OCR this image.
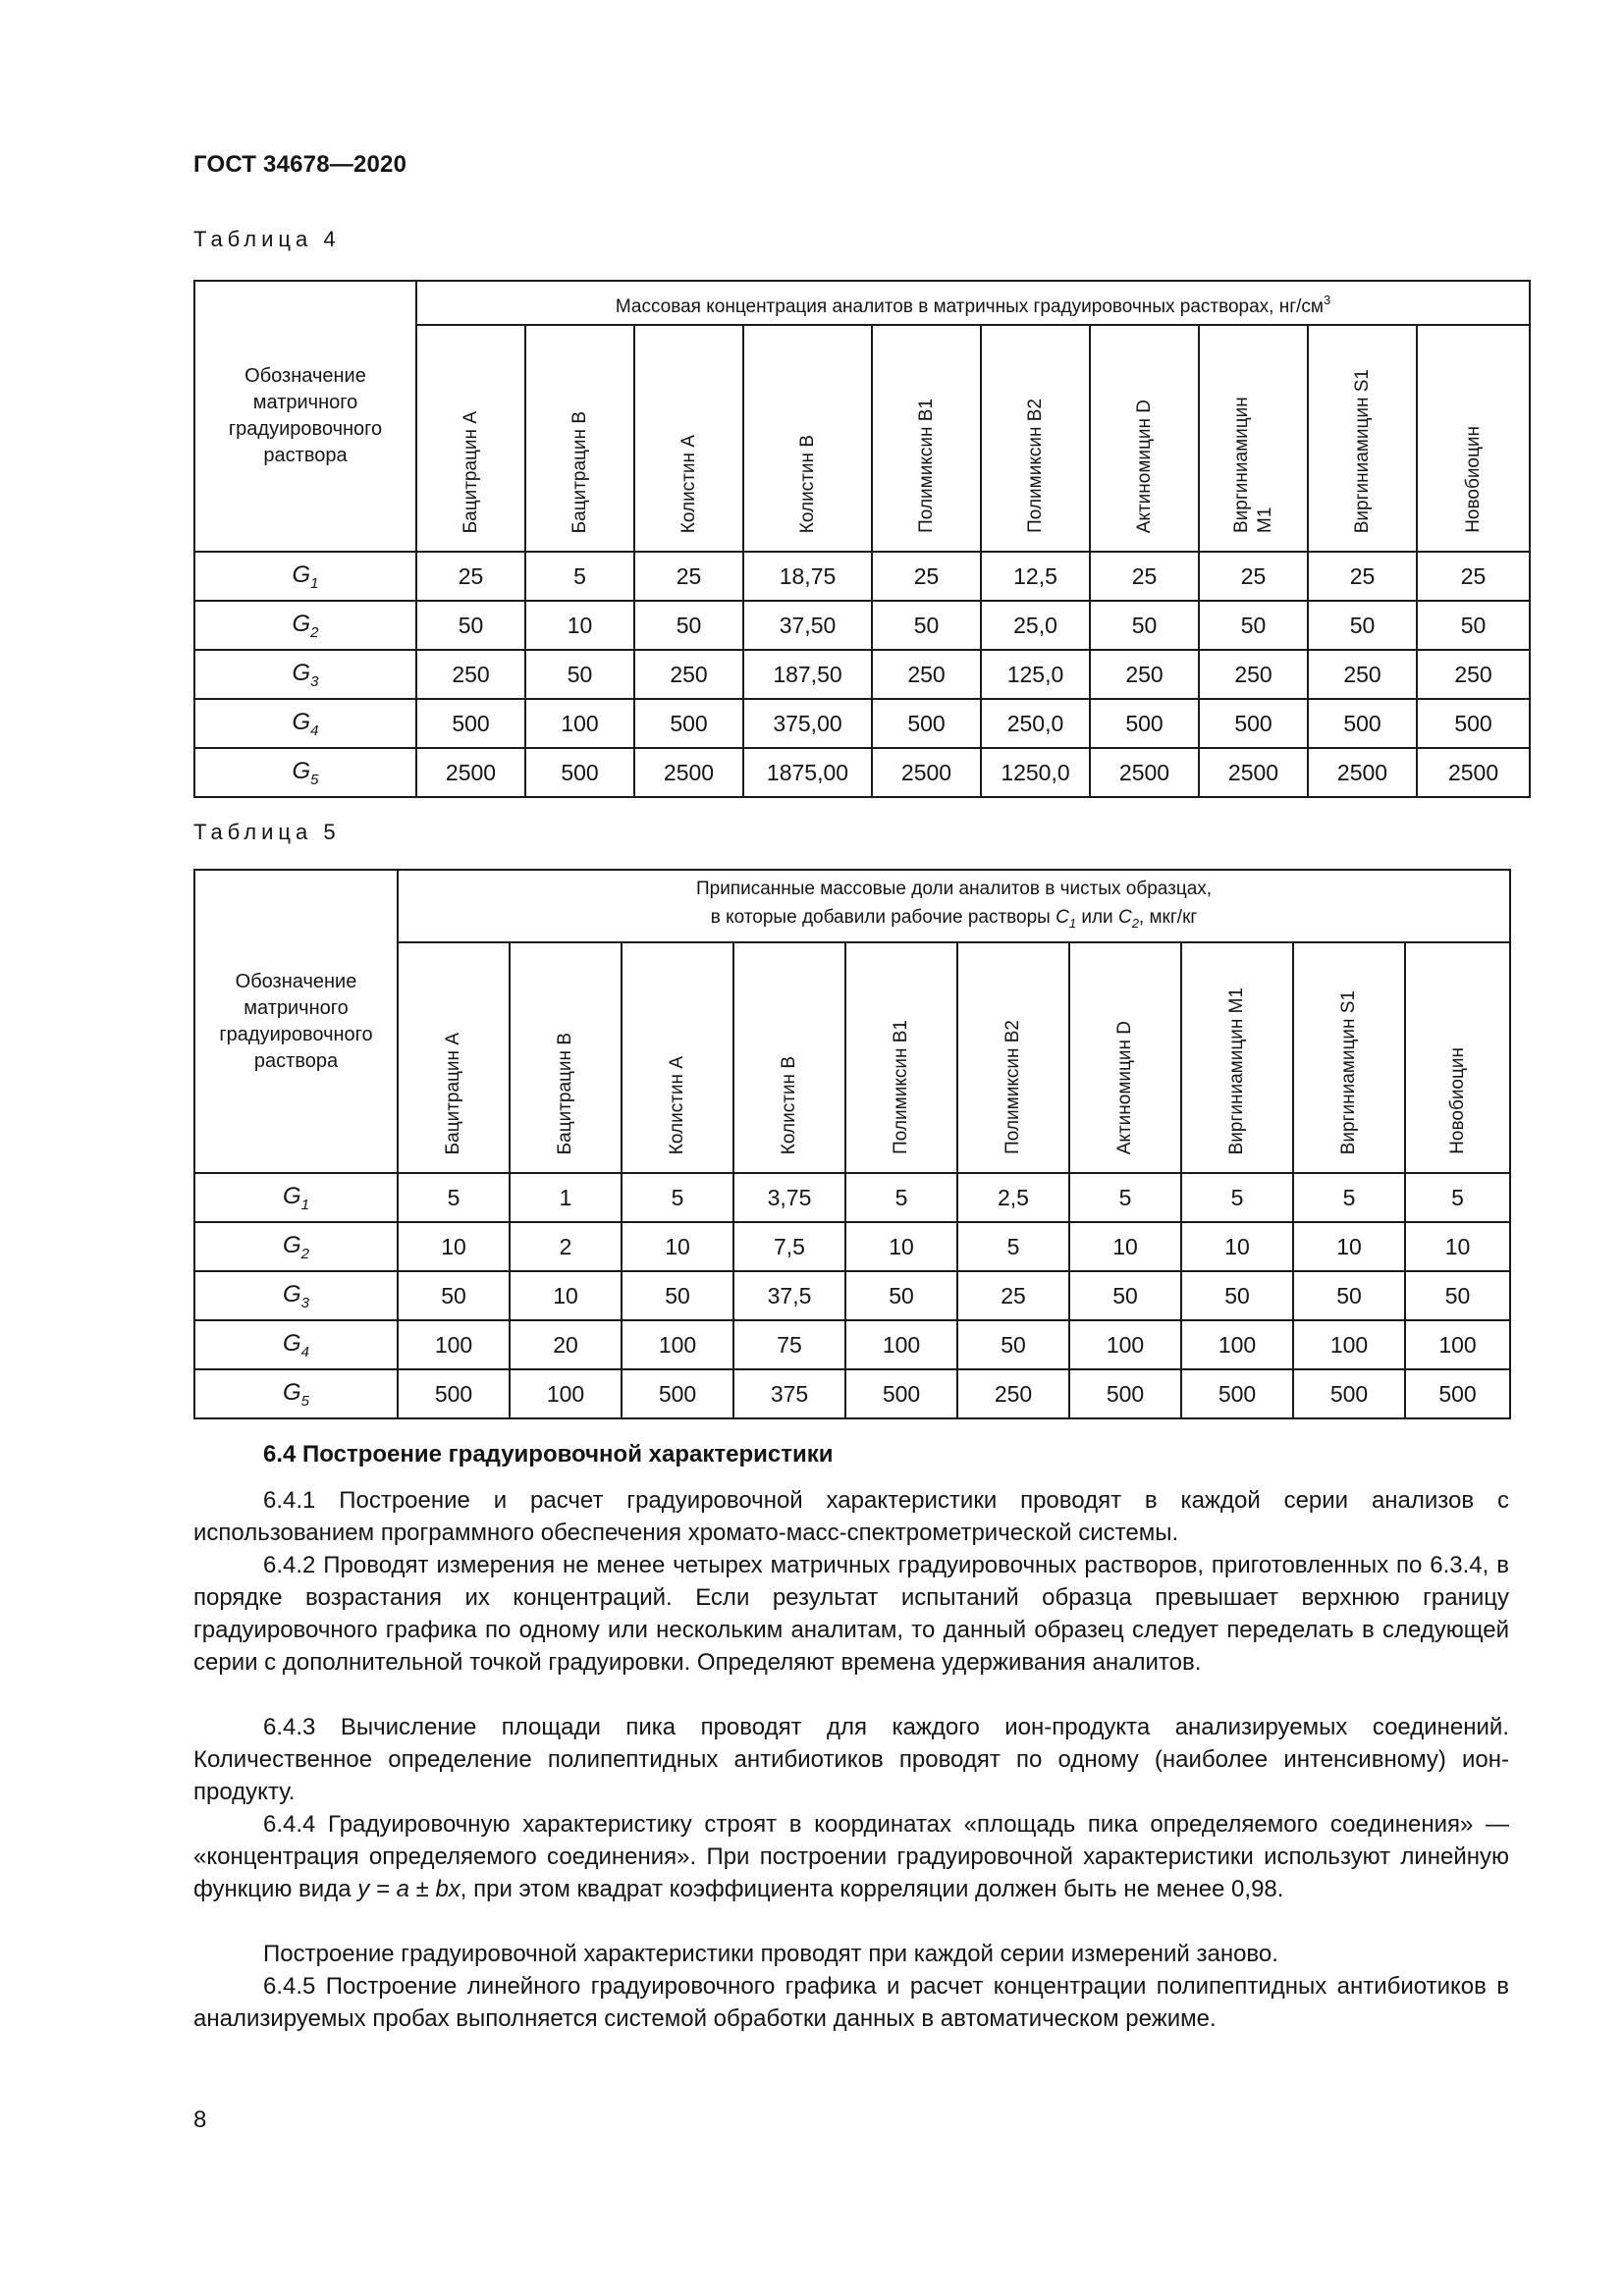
ГОСТ 34678—2020
Таблица 4
Обозначение матричного градуировочного раствора	Массовая концентрация аналитов в матричных градуировочных растворах, $нг/см^3$
	Бацитрацин А	Бацитрацин В	Колистин А	Колистин В	Полимиксин В1	Полимиксин В2	Актиномицин D	Виргиниамицин М1	Виргиниамицин S1	Новобиоцин
$G_1$	25	5	25	18,75	25	12,5	25	25	25	25
$G_2$	50	10	50	37,50	50	25,0	50	50	50	50
$G_3$	250	50	250	187,50	250	125,0	250	250	250	250
$G_4$	500	100	500	375,00	500	250,0	500	500	500	500
$G_5$	2500	500	2500	1875,00	2500	1250,0	2500	2500	2500	2500
Таблица 5
Обозначение матричного градуировочного раствора	Приписанные массовые доли аналитов в чистых образцах,
в которые добавили рабочие растворы $C_1$ или $C_2$, мкг/кг									
	Бацитрацин А	Бацитрацин В	Колистин А	Колистин В	Полимиксин В1	Полимиксин В2	Актиномицин D	Виргиниамицин М1	Виргиниамицин S1	Новобиоцин
$G_1$	5	1	5	3,75	5	2,5	5	5	5	5
$G_2$	10	2	10	7,5	10	5	10	10	10	10
$G_3$	50	10	50	37,5	50	25	50	50	50	50
$G_4$	100	20	100	75	100	50	100	100	100	100
$G_5$	500	100	500	375	500	250	500	500	500	500
6.4 Построение градуировочной характеристики
6.4.1 Построение и расчет градуировочной характеристики проводят в каждой серии анализов с использованием программного обеспечения хромато-масс-спектрометрической системы.
6.4.2 Проводят измерения не менее четырех матричных градуировочных растворов, приготовленных по 6.3.4, в порядке возрастания их концентраций. Если результат испытаний образца превышает верхнюю границу градуировочного графика по одному или нескольким аналитам, то данный образец следует переделать в следующей серии с дополнительной точкой градуировки. Определяют времена удерживания аналитов.
6.4.3 Вычисление площади пика проводят для каждого ион-продукта анализируемых соединений. Количественное определение полипептидных антибиотиков проводят по одному (наиболее интенсивному) ион-продукту.
6.4.4 Градуировочную характеристику строят в координатах «площадь пика определяемого соединения» — «концентрация определяемого соединения». При построении градуировочной характеристики используют линейную функцию вида y = a ± bx, при этом квадрат коэффициента корреляции должен быть не менее 0,98.
Построение градуировочной характеристики проводят при каждой серии измерений заново.
6.4.5 Построение линейного градуировочного графика и расчет концентрации полипептидных антибиотиков в анализируемых пробах выполняется системой обработки данных в автоматическом режиме.
8
